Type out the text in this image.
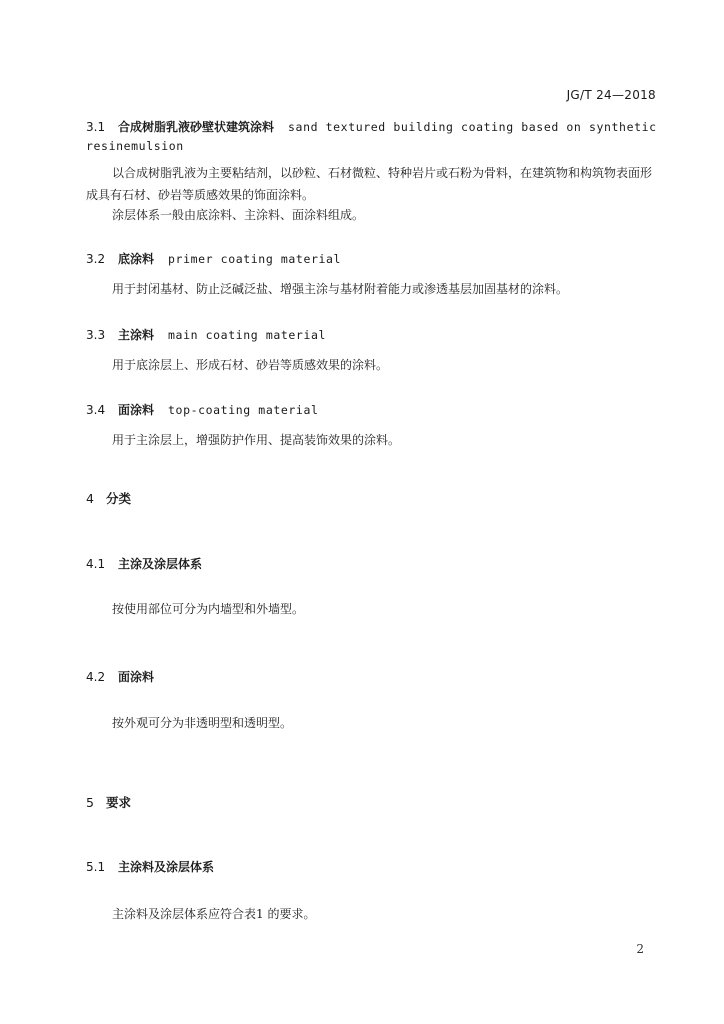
JG/T 24—2018
3.1 合成树脂乳液砂壁状建筑涂料 sand textured building coating based on synthetic
resinemulsion
以合成树脂乳液为主要粘结剂，以砂粒、石材微粒、特种岩片或石粉为骨料，在建筑物和构筑物表面形成具有石材、砂岩等质感效果的饰面涂料。
涂层体系一般由底涂料、主涂料、面涂料组成。
3.2 底涂料 primer coating material
用于封闭基材、防止泛碱泛盐、增强主涂与基材附着能力或渗透基层加固基材的涂料。
3.3 主涂料 main coating material
用于底涂层上、形成石材、砂岩等质感效果的涂料。
3.4 面涂料 top-coating material
用于主涂层上，增强防护作用、提高装饰效果的涂料。
4 分类
4.1 主涂及涂层体系
按使用部位可分为内墙型和外墙型。
4.2 面涂料
按外观可分为非透明型和透明型。
5 要求
5.1 主涂料及涂层体系
主涂料及涂层体系应符合表1 的要求。
2
